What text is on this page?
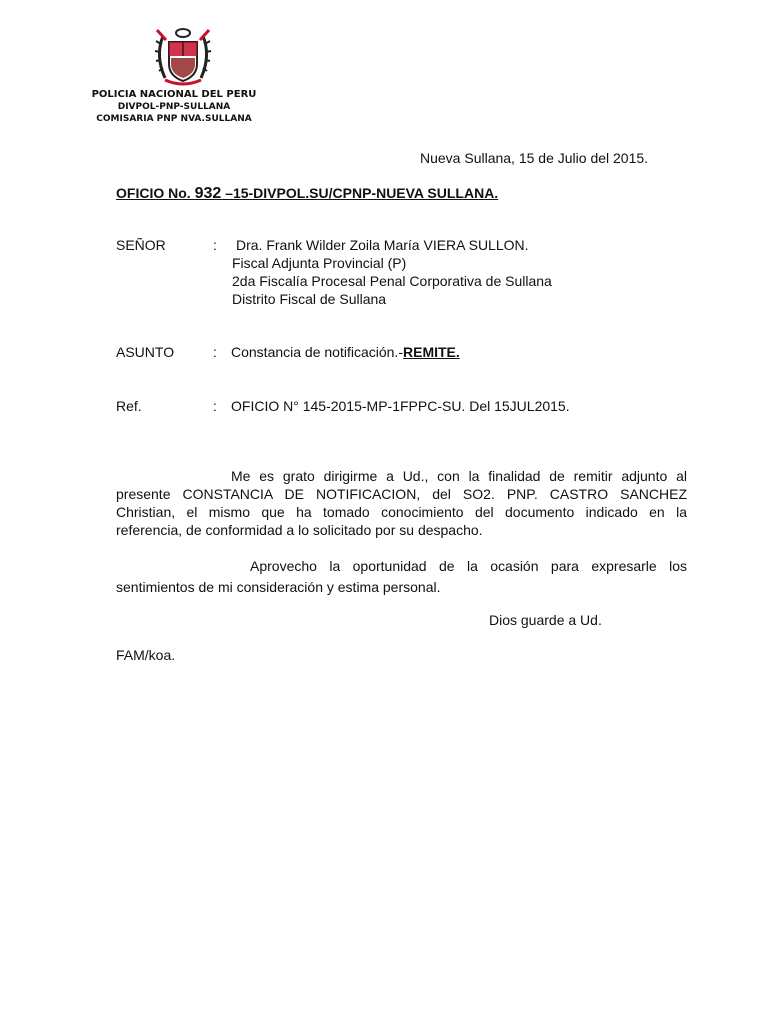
POLICIA NACIONAL DEL PERU
DIVPOL-PNP-SULLANA
COMISARIA PNP NVA.SULLANA
Nueva Sullana, 15 de Julio del 2015.
OFICIO No. 932 –15-DIVPOL.SU/CPNP-NUEVA SULLANA.
SEÑOR	: Dra. Frank Wilder Zoila María VIERA SULLON.
Fiscal Adjunta Provincial (P)
2da Fiscalía Procesal Penal Corporativa de Sullana
Distrito Fiscal de Sullana
ASUNTO	: Constancia de notificación.-REMITE.
Ref.	: OFICIO N° 145-2015-MP-1FPPC-SU. Del 15JUL2015.
Me es grato dirigirme a Ud., con la finalidad de remitir adjunto al
presente CONSTANCIA DE NOTIFICACION, del SO2. PNP. CASTRO SANCHEZ
Christian, el mismo que ha tomado conocimiento del documento indicado en la
referencia, de conformidad a lo solicitado por su despacho.
Aprovecho la oportunidad de la ocasión para expresarle los
sentimientos de mi consideración y estima personal.
Dios guarde a Ud.
FAM/koa.
